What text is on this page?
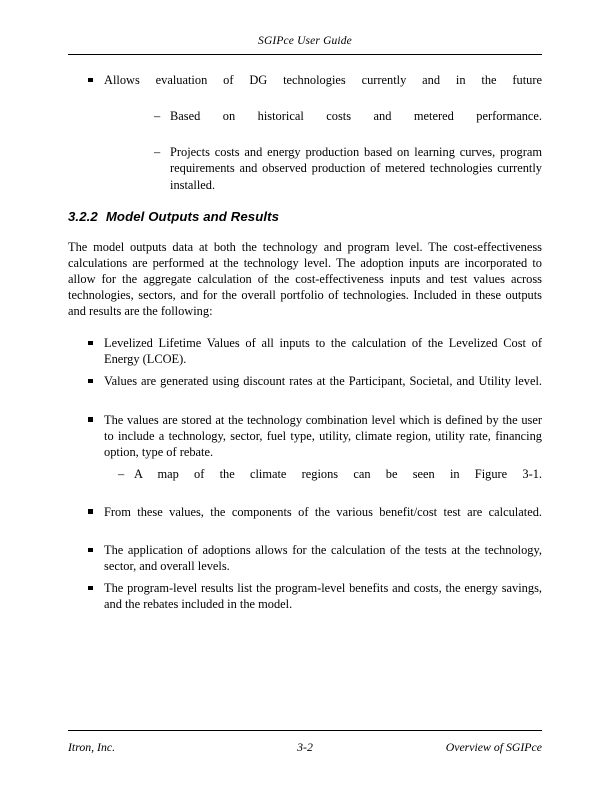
SGIPce User Guide
Allows evaluation of DG technologies currently and in the future
– Based on historical costs and metered performance.
– Projects costs and energy production based on learning curves, program requirements and observed production of metered technologies currently installed.
3.2.2 Model Outputs and Results

The model outputs data at both the technology and program level. The cost-effectiveness calculations are performed at the technology level. The adoption inputs are incorporated to allow for the aggregate calculation of the cost-effectiveness inputs and test values across technologies, sectors, and for the overall portfolio of technologies. Included in these outputs and results are the following:

Levelized Lifetime Values of all inputs to the calculation of the Levelized Cost of Energy (LCOE).
Values are generated using discount rates at the Participant, Societal, and Utility level.
The values are stored at the technology combination level which is defined by the user to include a technology, sector, fuel type, utility, climate region, utility rate, financing option, type of rebate.
– A map of the climate regions can be seen in Figure 3-1.
From these values, the components of the various benefit/cost test are calculated.
The application of adoptions allows for the calculation of the tests at the technology, sector, and overall levels.
The program-level results list the program-level benefits and costs, the energy savings, and the rebates included in the model.
Itron, Inc.	3-2	Overview of SGIPce
